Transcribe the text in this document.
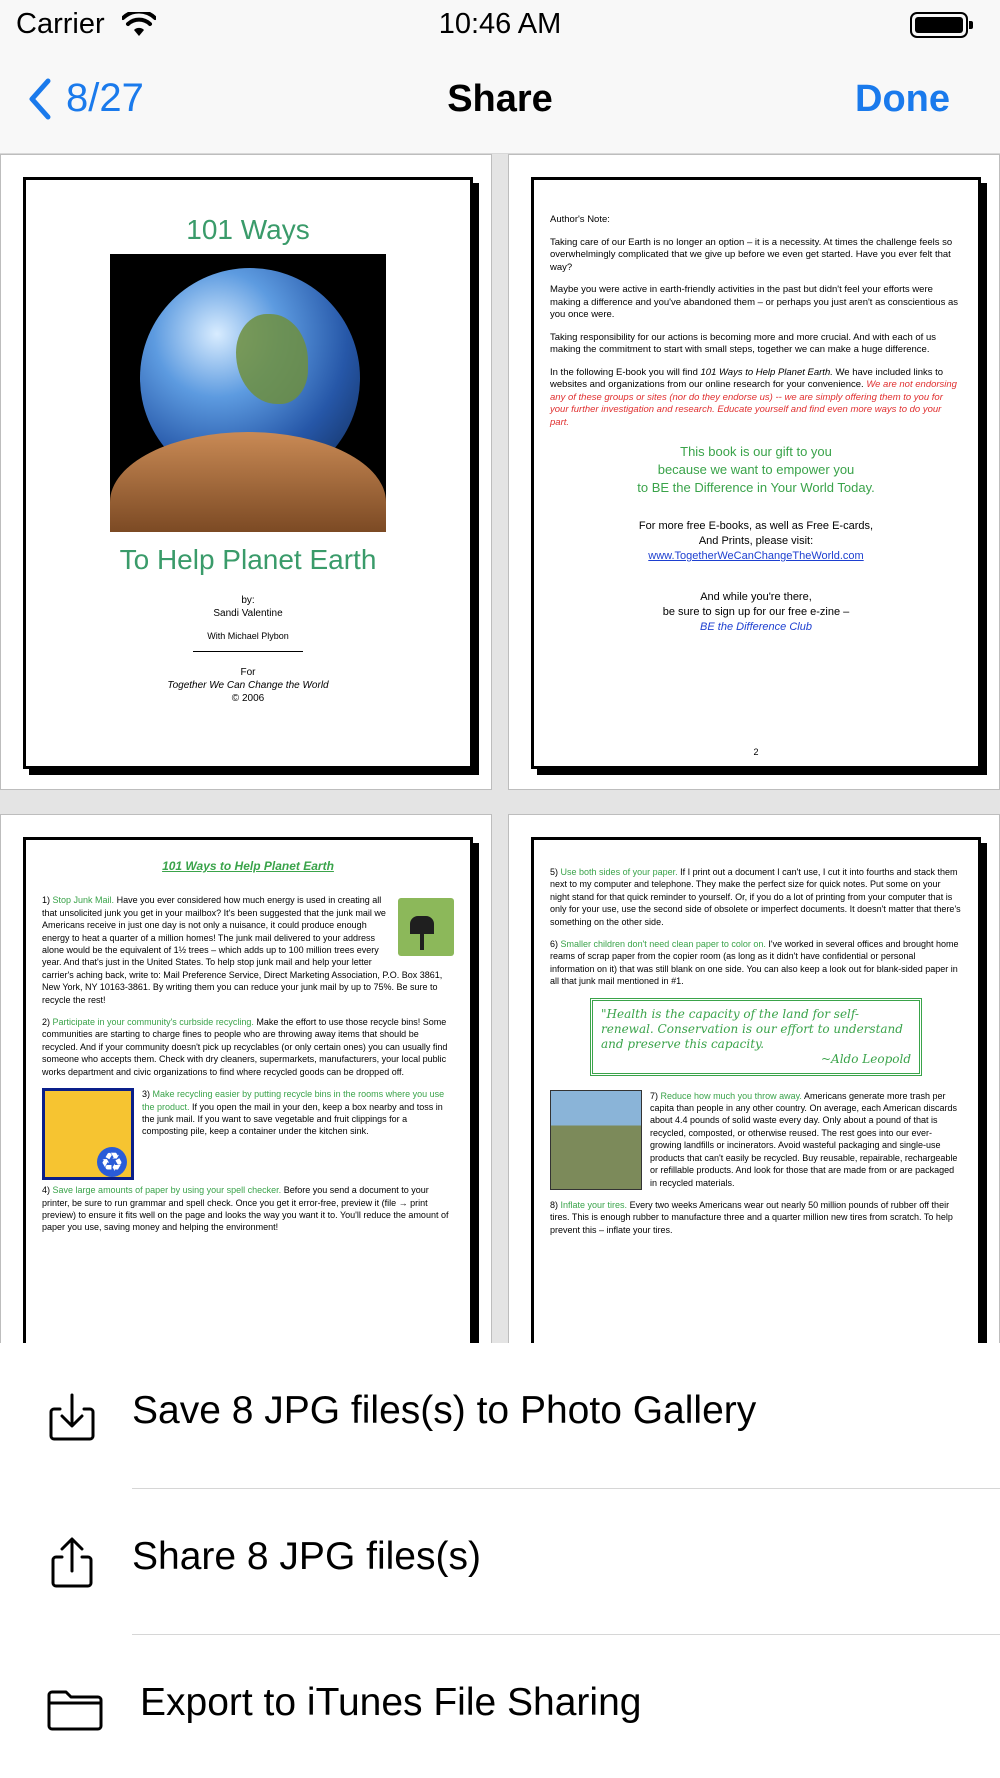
Carrier	10:46 AM
8/27	Share	Done
101 Ways
To Help Planet Earth
by:
Sandi Valentine
With Michael Plybon
For
Together We Can Change the World
© 2006

Author's Note:

Taking care of our Earth is no longer an option – it is a necessity. At times the challenge feels so overwhelmingly complicated that we give up before we even get started. Have you ever felt that way?

Maybe you were active in earth-friendly activities in the past but didn't feel your efforts were making a difference and you've abandoned them – or perhaps you just aren't as conscientious as you once were.

Taking responsibility for our actions is becoming more and more crucial. And with each of us making the commitment to start with small steps, together we can make a huge difference.

In the following E-book you will find 101 Ways to Help Planet Earth. We have included links to websites and organizations from our online research for your convenience. We are not endorsing any of these groups or sites (nor do they endorse us) -- we are simply offering them to you for your further investigation and research. Educate yourself and find even more ways to do your part.

This book is our gift to you
because we want to empower you
to BE the Difference in Your World Today.
For more free E-books, as well as Free E-cards,
And Prints, please visit:
www.TogetherWeCanChangeTheWorld.com
And while you're there,
be sure to sign up for our free e-zine –
BE the Difference Club
2
101 Ways to Help Planet Earth

1) Stop Junk Mail. Have you ever considered how much energy is used in creating all that unsolicited junk you get in your mailbox? It's been suggested that the junk mail we Americans receive in just one day is not only a nuisance, it could produce enough energy to heat a quarter of a million homes! The junk mail delivered to your address alone would be the equivalent of 1½ trees – which adds up to 100 million trees every year. And that's just in the United States. To help stop junk mail and help your letter carrier's aching back, write to: Mail Preference Service, Direct Marketing Association, P.O. Box 3861, New York, NY 10163-3861. By writing them you can reduce your junk mail by up to 75%. Be sure to recycle the rest!

2) Participate in your community's curbside recycling. Make the effort to use those recycle bins! Some communities are starting to charge fines to people who are throwing away items that should be recycled. And if your community doesn't pick up recyclables (or only certain ones) you can usually find someone who accepts them. Check with dry cleaners, supermarkets, manufacturers, your local public works department and civic organizations to find where recycled goods can be dropped off.

♻
3) Make recycling easier by putting recycle bins in the rooms where you use the product. If you open the mail in your den, keep a box nearby and toss in the junk mail. If you want to save vegetable and fruit clippings for a composting pile, keep a container under the kitchen sink.

4) Save large amounts of paper by using your spell checker. Before you send a document to your printer, be sure to run grammar and spell check. Once you get it error-free, preview it (file → print preview) to ensure it fits well on the page and looks the way you want it to. You'll reduce the amount of paper you use, saving money and helping the environment!

5) Use both sides of your paper. If I print out a document I can't use, I cut it into fourths and stack them next to my computer and telephone. They make the perfect size for quick notes. Put some on your night stand for that quick reminder to yourself. Or, if you do a lot of printing from your computer that is only for your use, use the second side of obsolete or imperfect documents. It doesn't matter that there's something on the other side.

6) Smaller children don't need clean paper to color on. I've worked in several offices and brought home reams of scrap paper from the copier room (as long as it didn't have confidential or personal information on it) that was still blank on one side. You can also keep a look out for blank-sided paper in all that junk mail mentioned in #1.

"Health is the capacity of the land for self-renewal. Conservation is our effort to understand and preserve this capacity.
~Aldo Leopold

7) Reduce how much you throw away. Americans generate more trash per capita than people in any other country. On average, each American discards about 4.4 pounds of solid waste every day. Only about a pound of that is recycled, composted, or otherwise reused. The rest goes into our ever-growing landfills or incinerators. Avoid wasteful packaging and single-use products that can't easily be recycled. Buy reusable, repairable, rechargeable or refillable products. And look for those that are made from or are packaged in recycled materials.

8) Inflate your tires. Every two weeks Americans wear out nearly 50 million pounds of rubber off their tires. This is enough rubber to manufacture three and a quarter million new tires from scratch. To help prevent this – inflate your tires.

Save 8 JPG files(s) to Photo Gallery
Share 8 JPG files(s)
Export to iTunes File Sharing
